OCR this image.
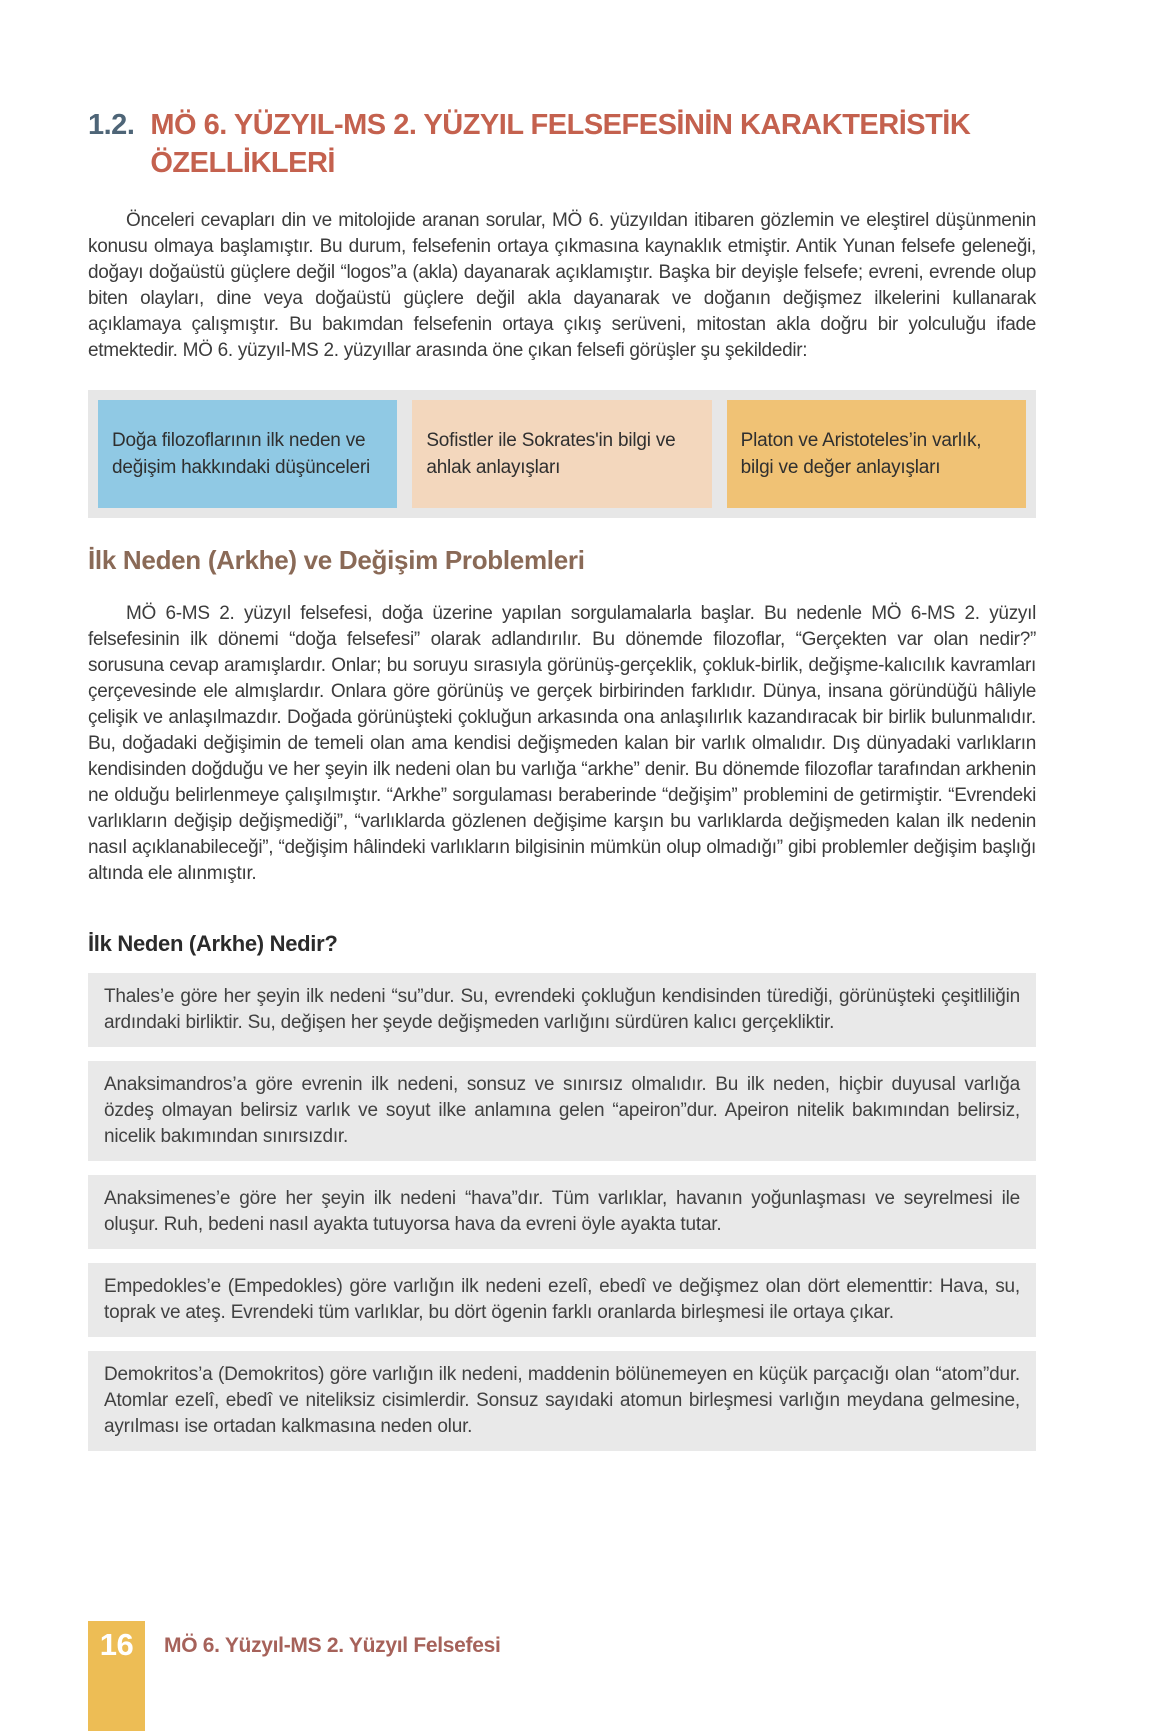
1.2. MÖ 6. YÜZYIL-MS 2. YÜZYIL FELSEFESİNİN KARAKTERİSTİK ÖZELLİKLERİ

Önceleri cevapları din ve mitolojide aranan sorular, MÖ 6. yüzyıldan itibaren gözlemin ve eleştirel düşünmenin konusu olmaya başlamıştır. Bu durum, felsefenin ortaya çıkmasına kaynaklık etmiştir. Antik Yunan felsefe geleneği, doğayı doğaüstü güçlere değil “logos”a (akla) dayanarak açıklamıştır. Başka bir deyişle felsefe; evreni, evrende olup biten olayları, dine veya doğaüstü güçlere değil akla dayanarak ve doğanın değişmez ilkelerini kullanarak açıklamaya çalışmıştır. Bu bakımdan felsefenin ortaya çıkış serüveni, mitostan akla doğru bir yolculuğu ifade etmektedir. MÖ 6. yüzyıl-MS 2. yüzyıllar arasında öne çıkan felsefi görüşler şu şekildedir:

Doğa filozoflarının ilk neden ve değişim hakkındaki düşünceleri
Sofistler ile Sokrates'in bilgi ve ahlak anlayışları
Platon ve Aristoteles’in varlık, bilgi ve değer anlayışları
İlk Neden (Arkhe) ve Değişim Problemleri

MÖ 6-MS 2. yüzyıl felsefesi, doğa üzerine yapılan sorgulamalarla başlar. Bu nedenle MÖ 6-MS 2. yüzyıl felsefesinin ilk dönemi “doğa felsefesi” olarak adlandırılır. Bu dönemde filozoflar, “Gerçekten var olan nedir?” sorusuna cevap aramışlardır. Onlar; bu soruyu sırasıyla görünüş-gerçeklik, çokluk-birlik, değişme-kalıcılık kavramları çerçevesinde ele almışlardır. Onlara göre görünüş ve gerçek birbirinden farklıdır. Dünya, insana göründüğü hâliyle çelişik ve anlaşılmazdır. Doğada görünüşteki çokluğun arkasında ona anlaşılırlık kazandıracak bir birlik bulunmalıdır. Bu, doğadaki değişimin de temeli olan ama kendisi değişmeden kalan bir varlık olmalıdır. Dış dünyadaki varlıkların kendisinden doğduğu ve her şeyin ilk nedeni olan bu varlığa “arkhe” denir. Bu dönemde filozoflar tarafından arkhenin ne olduğu belirlenmeye çalışılmıştır. “Arkhe” sorgulaması beraberinde “değişim” problemini de getirmiştir. “Evrendeki varlıkların değişip değişmediği”, “varlıklarda gözlenen değişime karşın bu varlıklarda değişmeden kalan ilk nedenin nasıl açıklanabileceği”, “değişim hâlindeki varlıkların bilgisinin mümkün olup olmadığı” gibi problemler değişim başlığı altında ele alınmıştır.

İlk Neden (Arkhe) Nedir?
Thales’e göre her şeyin ilk nedeni “su”dur. Su, evrendeki çokluğun kendisinden türediği, görünüşteki çeşitliliğin ardındaki birliktir. Su, değişen her şeyde değişmeden varlığını sürdüren kalıcı gerçekliktir.
Anaksimandros’a göre evrenin ilk nedeni, sonsuz ve sınırsız olmalıdır. Bu ilk neden, hiçbir duyusal varlığa özdeş olmayan belirsiz varlık ve soyut ilke anlamına gelen “apeiron”dur. Apeiron nitelik bakımından belirsiz, nicelik bakımından sınırsızdır.
Anaksimenes’e göre her şeyin ilk nedeni “hava”dır. Tüm varlıklar, havanın yoğunlaşması ve seyrelmesi ile oluşur. Ruh, bedeni nasıl ayakta tutuyorsa hava da evreni öyle ayakta tutar.
Empedokles’e (Empedokles) göre varlığın ilk nedeni ezelî, ebedî ve değişmez olan dört elementtir: Hava, su, toprak ve ateş. Evrendeki tüm varlıklar, bu dört ögenin farklı oranlarda birleşmesi ile ortaya çıkar.
Demokritos’a (Demokritos) göre varlığın ilk nedeni, maddenin bölünemeyen en küçük parçacığı olan “atom”dur. Atomlar ezelî, ebedî ve niteliksiz cisimlerdir. Sonsuz sayıdaki atomun birleşmesi varlığın meydana gelmesine, ayrılması ise ortadan kalkmasına neden olur.
16 MÖ 6. Yüzyıl-MS 2. Yüzyıl Felsefesi
